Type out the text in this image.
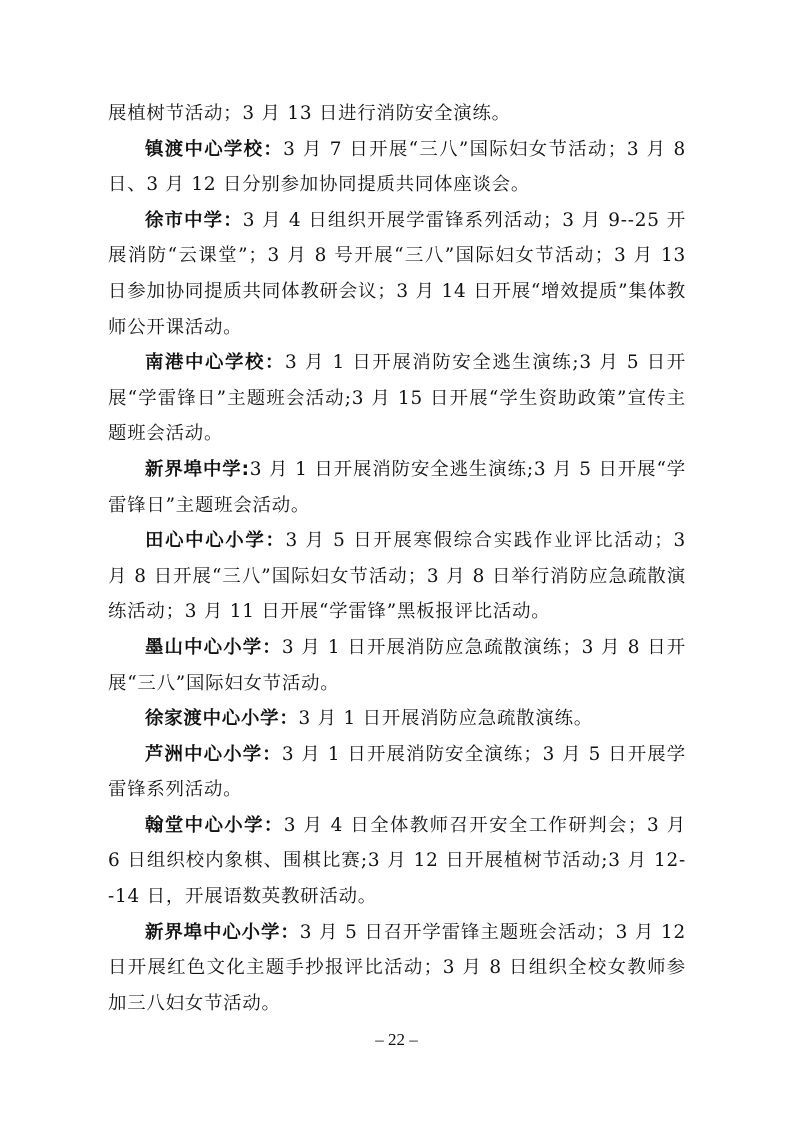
展植树节活动；3 月 13 日进行消防安全演练。

镇渡中心学校：3 月 7 日开展“三八”国际妇女节活动；3 月 8 日、3 月 12 日分别参加协同提质共同体座谈会。

徐市中学：3 月 4 日组织开展学雷锋系列活动；3 月 9--25 开展消防“云课堂”；3 月 8 号开展“三八”国际妇女节活动；3 月 13 日参加协同提质共同体教研会议；3 月 14 日开展“增效提质”集体教师公开课活动。

南港中心学校：3 月 1 日开展消防安全逃生演练;3 月 5 日开展“学雷锋日”主题班会活动;3 月 15 日开展“学生资助政策”宣传主题班会活动。

新界埠中学:3 月 1 日开展消防安全逃生演练;3 月 5 日开展“学雷锋日”主题班会活动。

田心中心小学：3 月 5 日开展寒假综合实践作业评比活动；3 月 8 日开展“三八”国际妇女节活动；3 月 8 日举行消防应急疏散演练活动；3 月 11 日开展“学雷锋”黑板报评比活动。

墨山中心小学：3 月 1 日开展消防应急疏散演练；3 月 8 日开展“三八”国际妇女节活动。

徐家渡中心小学：3 月 1 日开展消防应急疏散演练。

芦洲中心小学：3 月 1 日开展消防安全演练；3 月 5 日开展学雷锋系列活动。

翰堂中心小学：3 月 4 日全体教师召开安全工作研判会；3 月 6 日组织校内象棋、围棋比赛;3 月 12 日开展植树节活动;3 月 12--14 日，开展语数英教研活动。

新界埠中心小学：3 月 5 日召开学雷锋主题班会活动；3 月 12 日开展红色文化主题手抄报评比活动；3 月 8 日组织全校女教师参加三八妇女节活动。

– 22 –
